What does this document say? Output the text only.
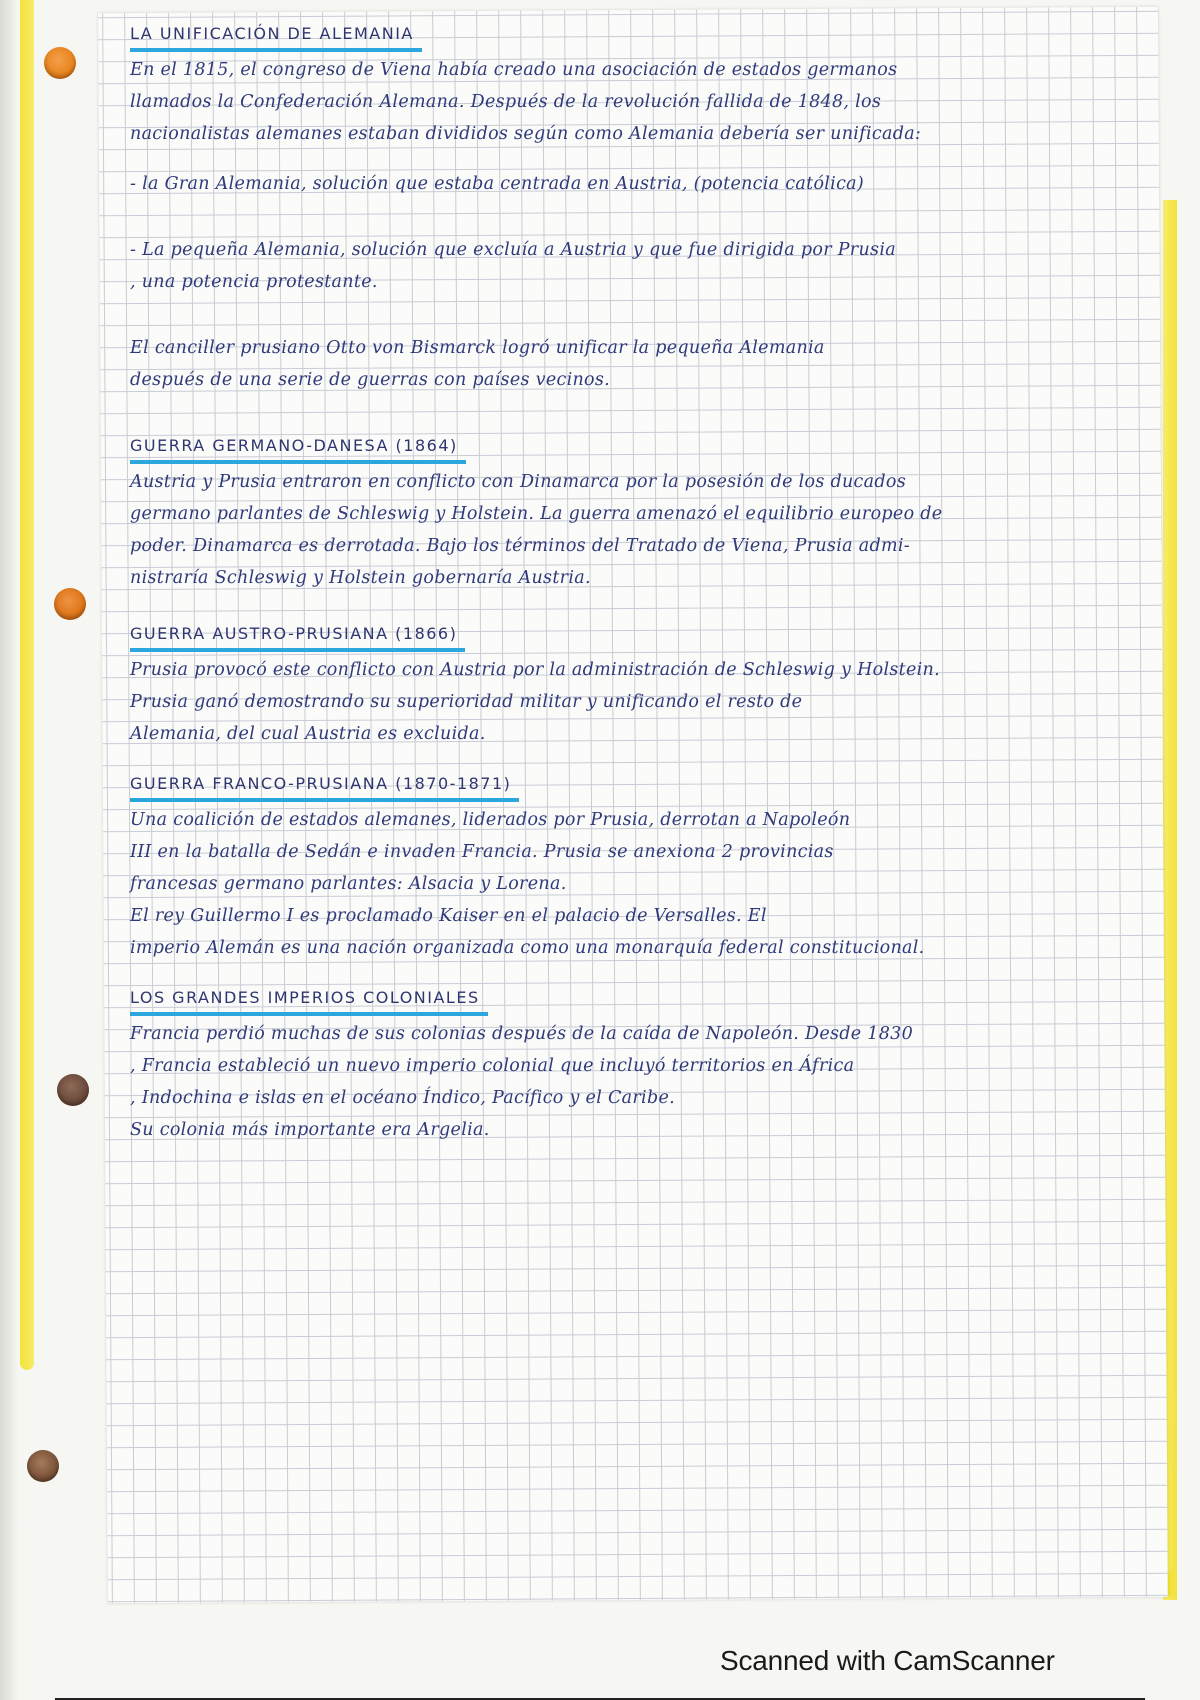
LA UNIFICACIÓN DE ALEMANIA

En el 1815, el congreso de Viena había creado una asociación de estados germanos

llamados la Confederación Alemana. Después de la revolución fallida de 1848, los

nacionalistas alemanes estaban divididos según como Alemania debería ser unificada:

- la Gran Alemania, solución que estaba centrada en Austria, (potencia católica)

- La pequeña Alemania, solución que excluía a Austria y que fue dirigida por Prusia

, una potencia protestante.

El canciller prusiano Otto von Bismarck logró unificar la pequeña Alemania

después de una serie de guerras con países vecinos.

GUERRA GERMANO-DANESA (1864)

Austria y Prusia entraron en conflicto con Dinamarca por la posesión de los ducados

germano parlantes de Schleswig y Holstein. La guerra amenazó el equilibrio europeo de

poder. Dinamarca es derrotada. Bajo los términos del Tratado de Viena, Prusia admi-

nistraría Schleswig y Holstein gobernaría Austria.

GUERRA AUSTRO-PRUSIANA (1866)

Prusia provocó este conflicto con Austria por la administración de Schleswig y Holstein.

Prusia ganó demostrando su superioridad militar y unificando el resto de

Alemania, del cual Austria es excluida.

GUERRA FRANCO-PRUSIANA (1870-1871)

Una coalición de estados alemanes, liderados por Prusia, derrotan a Napoleón

III en la batalla de Sedán e invaden Francia. Prusia se anexiona 2 provincias

francesas germano parlantes: Alsacia y Lorena.

El rey Guillermo I es proclamado Kaiser en el palacio de Versalles. El

imperio Alemán es una nación organizada como una monarquía federal constitucional.

LOS GRANDES IMPERIOS COLONIALES

Francia perdió muchas de sus colonias después de la caída de Napoleón. Desde 1830

, Francia estableció un nuevo imperio colonial que incluyó territorios en África

, Indochina e islas en el océano Índico, Pacífico y el Caribe.

Su colonia más importante era Argelia.

Scanned with CamScanner
